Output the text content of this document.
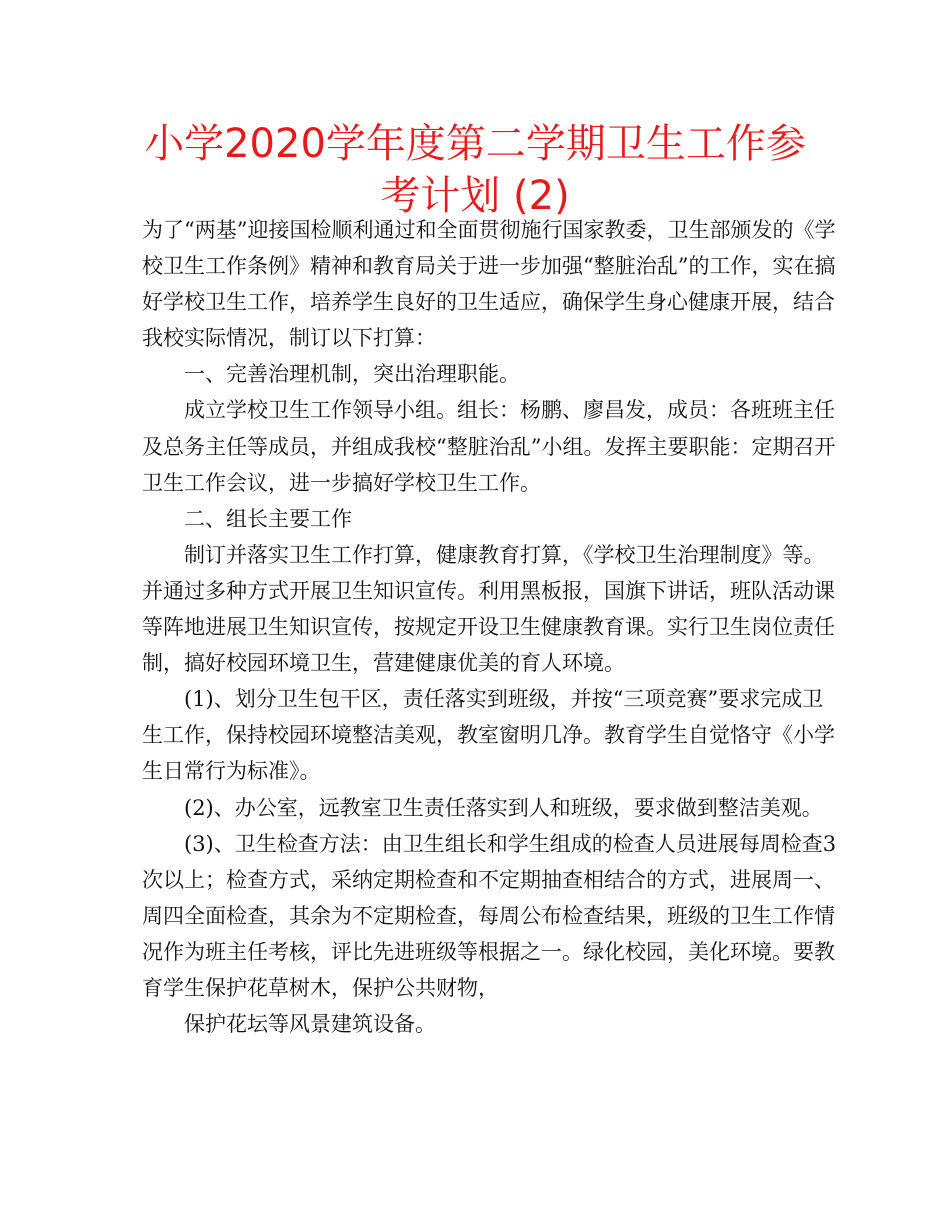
小学2020学年度第二学期卫生工作参考计划 (2)

为了“两基”迎接国检顺利通过和全面贯彻施行国家教委，卫生部颁发的《学校卫生工作条例》精神和教育局关于进一步加强“整脏治乱”的工作，实在搞好学校卫生工作，培养学生良好的卫生适应，确保学生身心健康开展，结合我校实际情况，制订以下打算：

一、完善治理机制，突出治理职能。

成立学校卫生工作领导小组。组长：杨鹏、廖昌发，成员：各班班主任及总务主任等成员，并组成我校“整脏治乱”小组。发挥主要职能：定期召开卫生工作会议，进一步搞好学校卫生工作。

二、组长主要工作

制订并落实卫生工作打算，健康教育打算，《学校卫生治理制度》等。并通过多种方式开展卫生知识宣传。利用黑板报，国旗下讲话，班队活动课等阵地进展卫生知识宣传，按规定开设卫生健康教育课。实行卫生岗位责任制，搞好校园环境卫生，营建健康优美的育人环境。

(1)、划分卫生包干区，责任落实到班级，并按“三项竞赛”要求完成卫生工作，保持校园环境整洁美观，教室窗明几净。教育学生自觉恪守《小学生日常行为标准》。

(2)、办公室，远教室卫生责任落实到人和班级，要求做到整洁美观。

(3)、卫生检查方法：由卫生组长和学生组成的检查人员进展每周检查3次以上；检查方式，采纳定期检查和不定期抽查相结合的方式，进展周一、周四全面检查，其余为不定期检查，每周公布检查结果，班级的卫生工作情况作为班主任考核，评比先进班级等根据之一。绿化校园，美化环境。要教育学生保护花草树木，保护公共财物，

保护花坛等风景建筑设备。
